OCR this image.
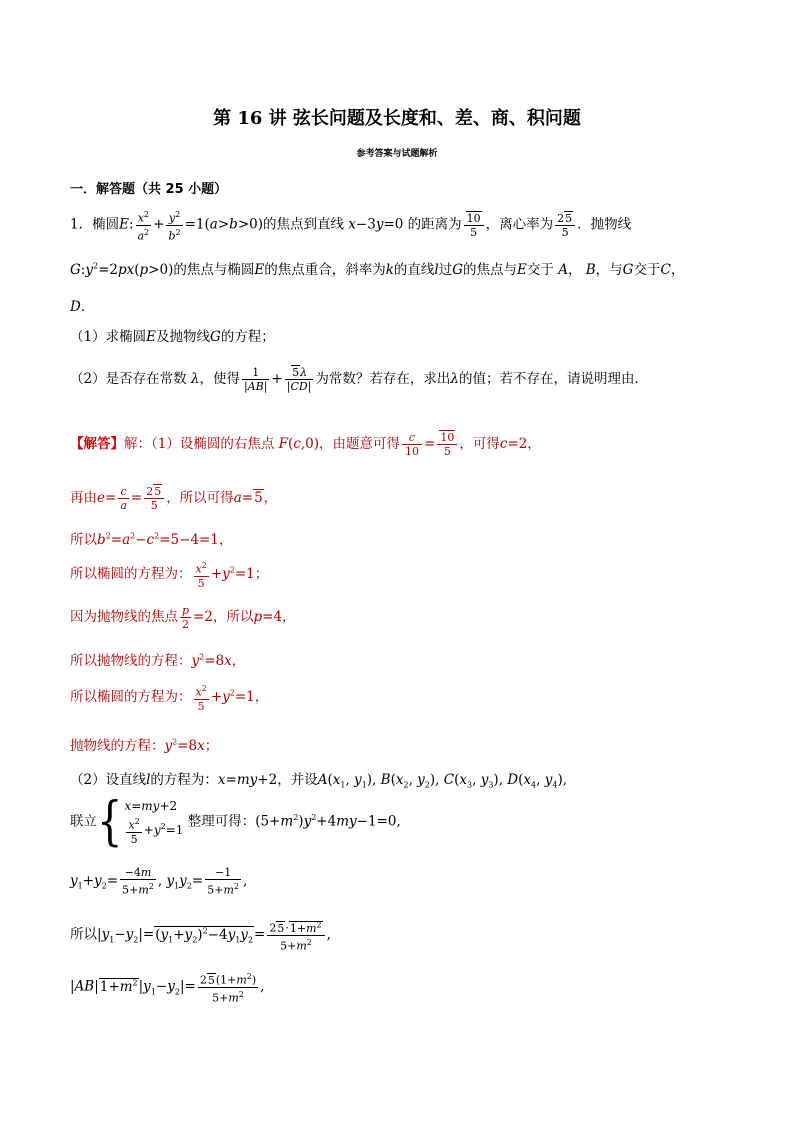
第 16 讲 弦长问题及长度和、差、商、积问题
参考答案与试题解析
一．解答题（共 25 小题）
1．椭圆E: $\frac{x^2}{a^2} + \frac{y^2}{b^2} =1(a>b>0)$的焦点到直线 x−3y=0 的距离为 $\frac{10}{5}$ ，离心率为 $\frac{25}{5}$ ．抛物线
$G:y^2=2px(p>0)$的焦点与椭圆E的焦点重合，斜率为k的直线l过G的焦点与E交于 A， B，与G交于C，
D．
（1）求椭圆E及抛物线G的方程；
（2）是否存在常数 λ，使得 $\frac{1}{|AB|} + \frac{5\lambda}{|CD|}$ 为常数？若存在，求出λ的值；若不存在，请说明理由．
【解答】解：（1）设椭圆的右焦点 F(c,0)，由题意可得 $\frac{c}{10} = \frac{10}{5}$ ，可得c=2，
再由$e= \frac{c}{a} = \frac{25}{5}$ ，所以可得a=5，
所以$b^2=a^2-c^2=5-4=1$，
所以椭圆的方程为： $\frac{x^2}{5} +y^2=1$；
因为抛物线的焦点 $\frac{p}{2} =2$，所以p=4，
所以抛物线的方程：$y^2=8x$，
所以椭圆的方程为： $\frac{x^2}{5} +y^2=1$，
抛物线的方程：$y^2=8x$；
（2）设直线l的方程为：x=my+2，并设$A(x_1$, $y_1$), $B(x_2$, $y_2$), $C(x_3$, $y_3$), $D(x_4$, $y_4$),
联立{ x=my+2

$\frac{x^2}{5} +y^2=1$ 整理可得：$(5+m^2)y^2+4my-1=0$,
$y_1+y_2= \frac{-4m}{5+m^2}$ , $y_1y_2= \frac{-1}{5+m^2}$ ,
所以$|y_1-y_2|=(y_1+y_2)^2-4y_1y_2= \frac{25\cdot 1+m^2}{5+m^2}$ ,
$|AB|1+m^2|y_1-y_2|= \frac{25(1+m^2)}{5+m^2}$ ,
